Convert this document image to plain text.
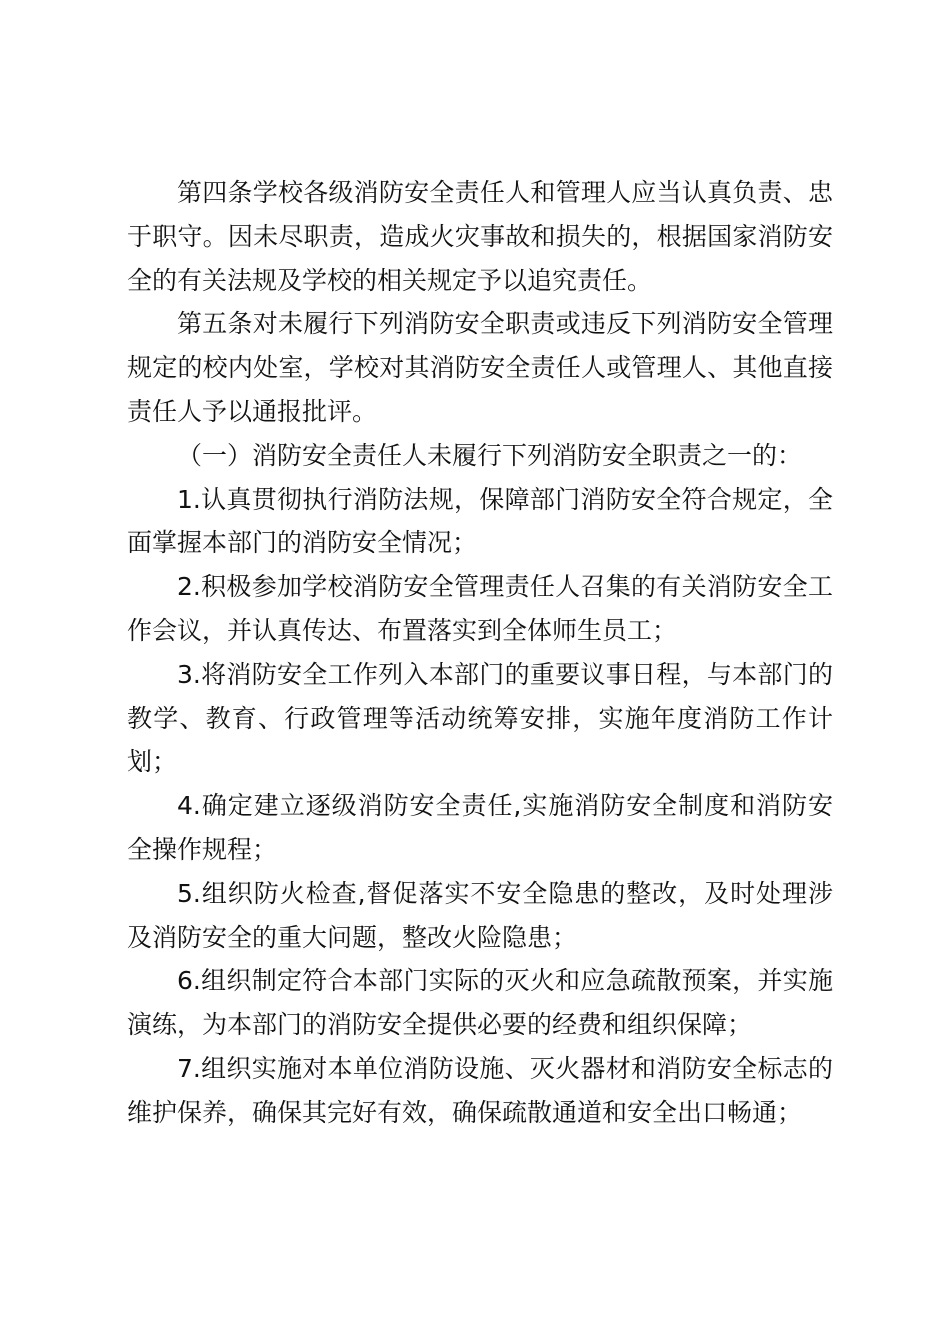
第四条学校各级消防安全责任人和管理人应当认真负责、忠于职守。因未尽职责，造成火灾事故和损失的，根据国家消防安全的有关法规及学校的相关规定予以追究责任。

第五条对未履行下列消防安全职责或违反下列消防安全管理规定的校内处室，学校对其消防安全责任人或管理人、其他直接责任人予以通报批评。

（一）消防安全责任人未履行下列消防安全职责之一的：

1.认真贯彻执行消防法规，保障部门消防安全符合规定，全面掌握本部门的消防安全情况；

2.积极参加学校消防安全管理责任人召集的有关消防安全工作会议，并认真传达、布置落实到全体师生员工；

3.将消防安全工作列入本部门的重要议事日程，与本部门的教学、教育、行政管理等活动统筹安排，实施年度消防工作计划；

4.确定建立逐级消防安全责任,实施消防安全制度和消防安全操作规程；

5.组织防火检查,督促落实不安全隐患的整改，及时处理涉及消防安全的重大问题，整改火险隐患；

6.组织制定符合本部门实际的灭火和应急疏散预案，并实施演练，为本部门的消防安全提供必要的经费和组织保障；

7.组织实施对本单位消防设施、灭火器材和消防安全标志的维护保养，确保其完好有效，确保疏散通道和安全出口畅通；
